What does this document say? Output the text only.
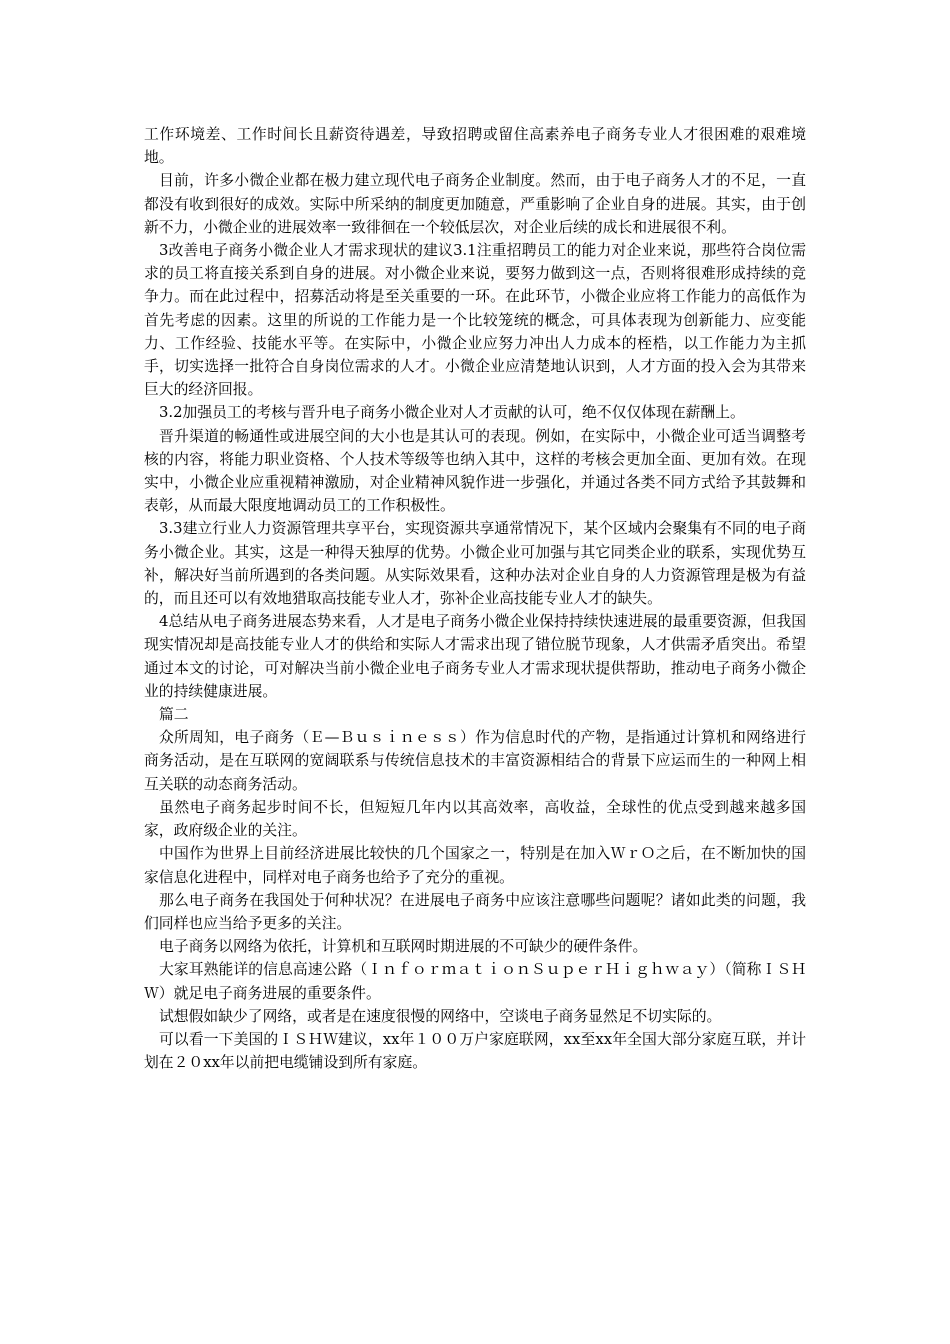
工作环境差、工作时间长且薪资待遇差，导致招聘或留住高素养电子商务专业人才很困难的艰难境地。

目前，许多小微企业都在极力建立现代电子商务企业制度。然而，由于电子商务人才的不足，一直都没有收到很好的成效。实际中所采纳的制度更加随意，严重影响了企业自身的进展。其实，由于创新不力，小微企业的进展效率一致徘徊在一个较低层次，对企业后续的成长和进展很不利。

3改善电子商务小微企业人才需求现状的建议3.1注重招聘员工的能力对企业来说，那些符合岗位需求的员工将直接关系到自身的进展。对小微企业来说，要努力做到这一点，否则将很难形成持续的竞争力。而在此过程中，招募活动将是至关重要的一环。在此环节，小微企业应将工作能力的高低作为首先考虑的因素。这里的所说的工作能力是一个比较笼统的概念，可具体表现为创新能力、应变能力、工作经验、技能水平等。在实际中，小微企业应努力冲出人力成本的桎梏，以工作能力为主抓手，切实选择一批符合自身岗位需求的人才。小微企业应清楚地认识到，人才方面的投入会为其带来巨大的经济回报。

3.2加强员工的考核与晋升电子商务小微企业对人才贡献的认可，绝不仅仅体现在薪酬上。

晋升渠道的畅通性或进展空间的大小也是其认可的表现。例如，在实际中，小微企业可适当调整考核的内容，将能力职业资格、个人技术等级等也纳入其中，这样的考核会更加全面、更加有效。在现实中，小微企业应重视精神激励，对企业精神风貌作进一步强化，并通过各类不同方式给予其鼓舞和表彰，从而最大限度地调动员工的工作积极性。

3.3建立行业人力资源管理共享平台，实现资源共享通常情况下，某个区域内会聚集有不同的电子商务小微企业。其实，这是一种得天独厚的优势。小微企业可加强与其它同类企业的联系，实现优势互补，解决好当前所遇到的各类问题。从实际效果看，这种办法对企业自身的人力资源管理是极为有益的，而且还可以有效地猎取高技能专业人才，弥补企业高技能专业人才的缺失。

4总结从电子商务进展态势来看，人才是电子商务小微企业保持持续快速进展的最重要资源，但我国现实情况却是高技能专业人才的供给和实际人才需求出现了错位脱节现象，人才供需矛盾突出。希望通过本文的讨论，可对解决当前小微企业电子商务专业人才需求现状提供帮助，推动电子商务小微企业的持续健康进展。

篇二

众所周知，电子商务（Ｅ—Ｂｕｓｉｎｅｓｓ）作为信息时代的产物，是指通过计算机和网络进行商务活动，是在互联网的宽阔联系与传统信息技术的丰富资源相结合的背景下应运而生的一种网上相互关联的动态商务活动。

虽然电子商务起步时间不长，但短短几年内以其高效率，高收益，全球性的优点受到越来越多国家，政府级企业的关注。

中国作为世界上目前经济进展比较快的几个国家之一，特别是在加入ＷｒＯ之后，在不断加快的国家信息化进程中，同样对电子商务也给予了充分的重视。

那么电子商务在我国处于何种状况？在进展电子商务中应该注意哪些问题呢？诸如此类的问题，我们同样也应当给予更多的关注。

电子商务以网络为依托，计算机和互联网时期进展的不可缺少的硬件条件。

大家耳熟能详的信息高速公路（ＩｎｆｏｒｍａｔｉｏｎＳｕｐｅｒＨｉｇｈｗａｙ）（简称ＩＳＨＷ）就足电子商务进展的重要条件。

试想假如缺少了网络，或者是在速度很慢的网络中，空谈电子商务显然足不切实际的。

可以看一下美国的ＩＳＨＷ建议，xx年１００万户家庭联网，xx至xx年全国大部分家庭互联，并计划在２０xx年以前把电缆铺设到所有家庭。
